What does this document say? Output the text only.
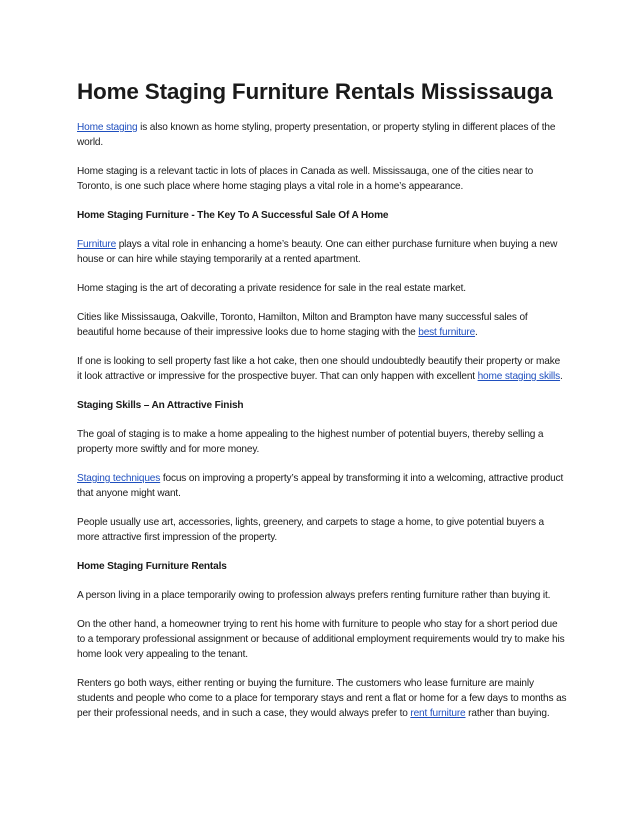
Home Staging Furniture Rentals Mississauga

Home staging is also known as home styling, property presentation, or property styling in different places of the world.

Home staging is a relevant tactic in lots of places in Canada as well. Mississauga, one of the cities near to Toronto, is one such place where home staging plays a vital role in a home’s appearance.

Home Staging Furniture - The Key To A Successful Sale Of A Home

Furniture plays a vital role in enhancing a home’s beauty. One can either purchase furniture when buying a new house or can hire while staying temporarily at a rented apartment.

Home staging is the art of decorating a private residence for sale in the real estate market.

Cities like Mississauga, Oakville, Toronto, Hamilton, Milton and Brampton have many successful sales of beautiful home because of their impressive looks due to home staging with the best furniture.

If one is looking to sell property fast like a hot cake, then one should undoubtedly beautify their property or make it look attractive or impressive for the prospective buyer. That can only happen with excellent home staging skills.

Staging Skills – An Attractive Finish

The goal of staging is to make a home appealing to the highest number of potential buyers, thereby selling a property more swiftly and for more money.

Staging techniques focus on improving a property’s appeal by transforming it into a welcoming, attractive product that anyone might want.

People usually use art, accessories, lights, greenery, and carpets to stage a home, to give potential buyers a more attractive first impression of the property.

Home Staging Furniture Rentals

A person living in a place temporarily owing to profession always prefers renting furniture rather than buying it.

On the other hand, a homeowner trying to rent his home with furniture to people who stay for a short period due to a temporary professional assignment or because of additional employment requirements would try to make his home look very appealing to the tenant.

Renters go both ways, either renting or buying the furniture. The customers who lease furniture are mainly students and people who come to a place for temporary stays and rent a flat or home for a few days to months as per their professional needs, and in such a case, they would always prefer to rent furniture rather than buying.
